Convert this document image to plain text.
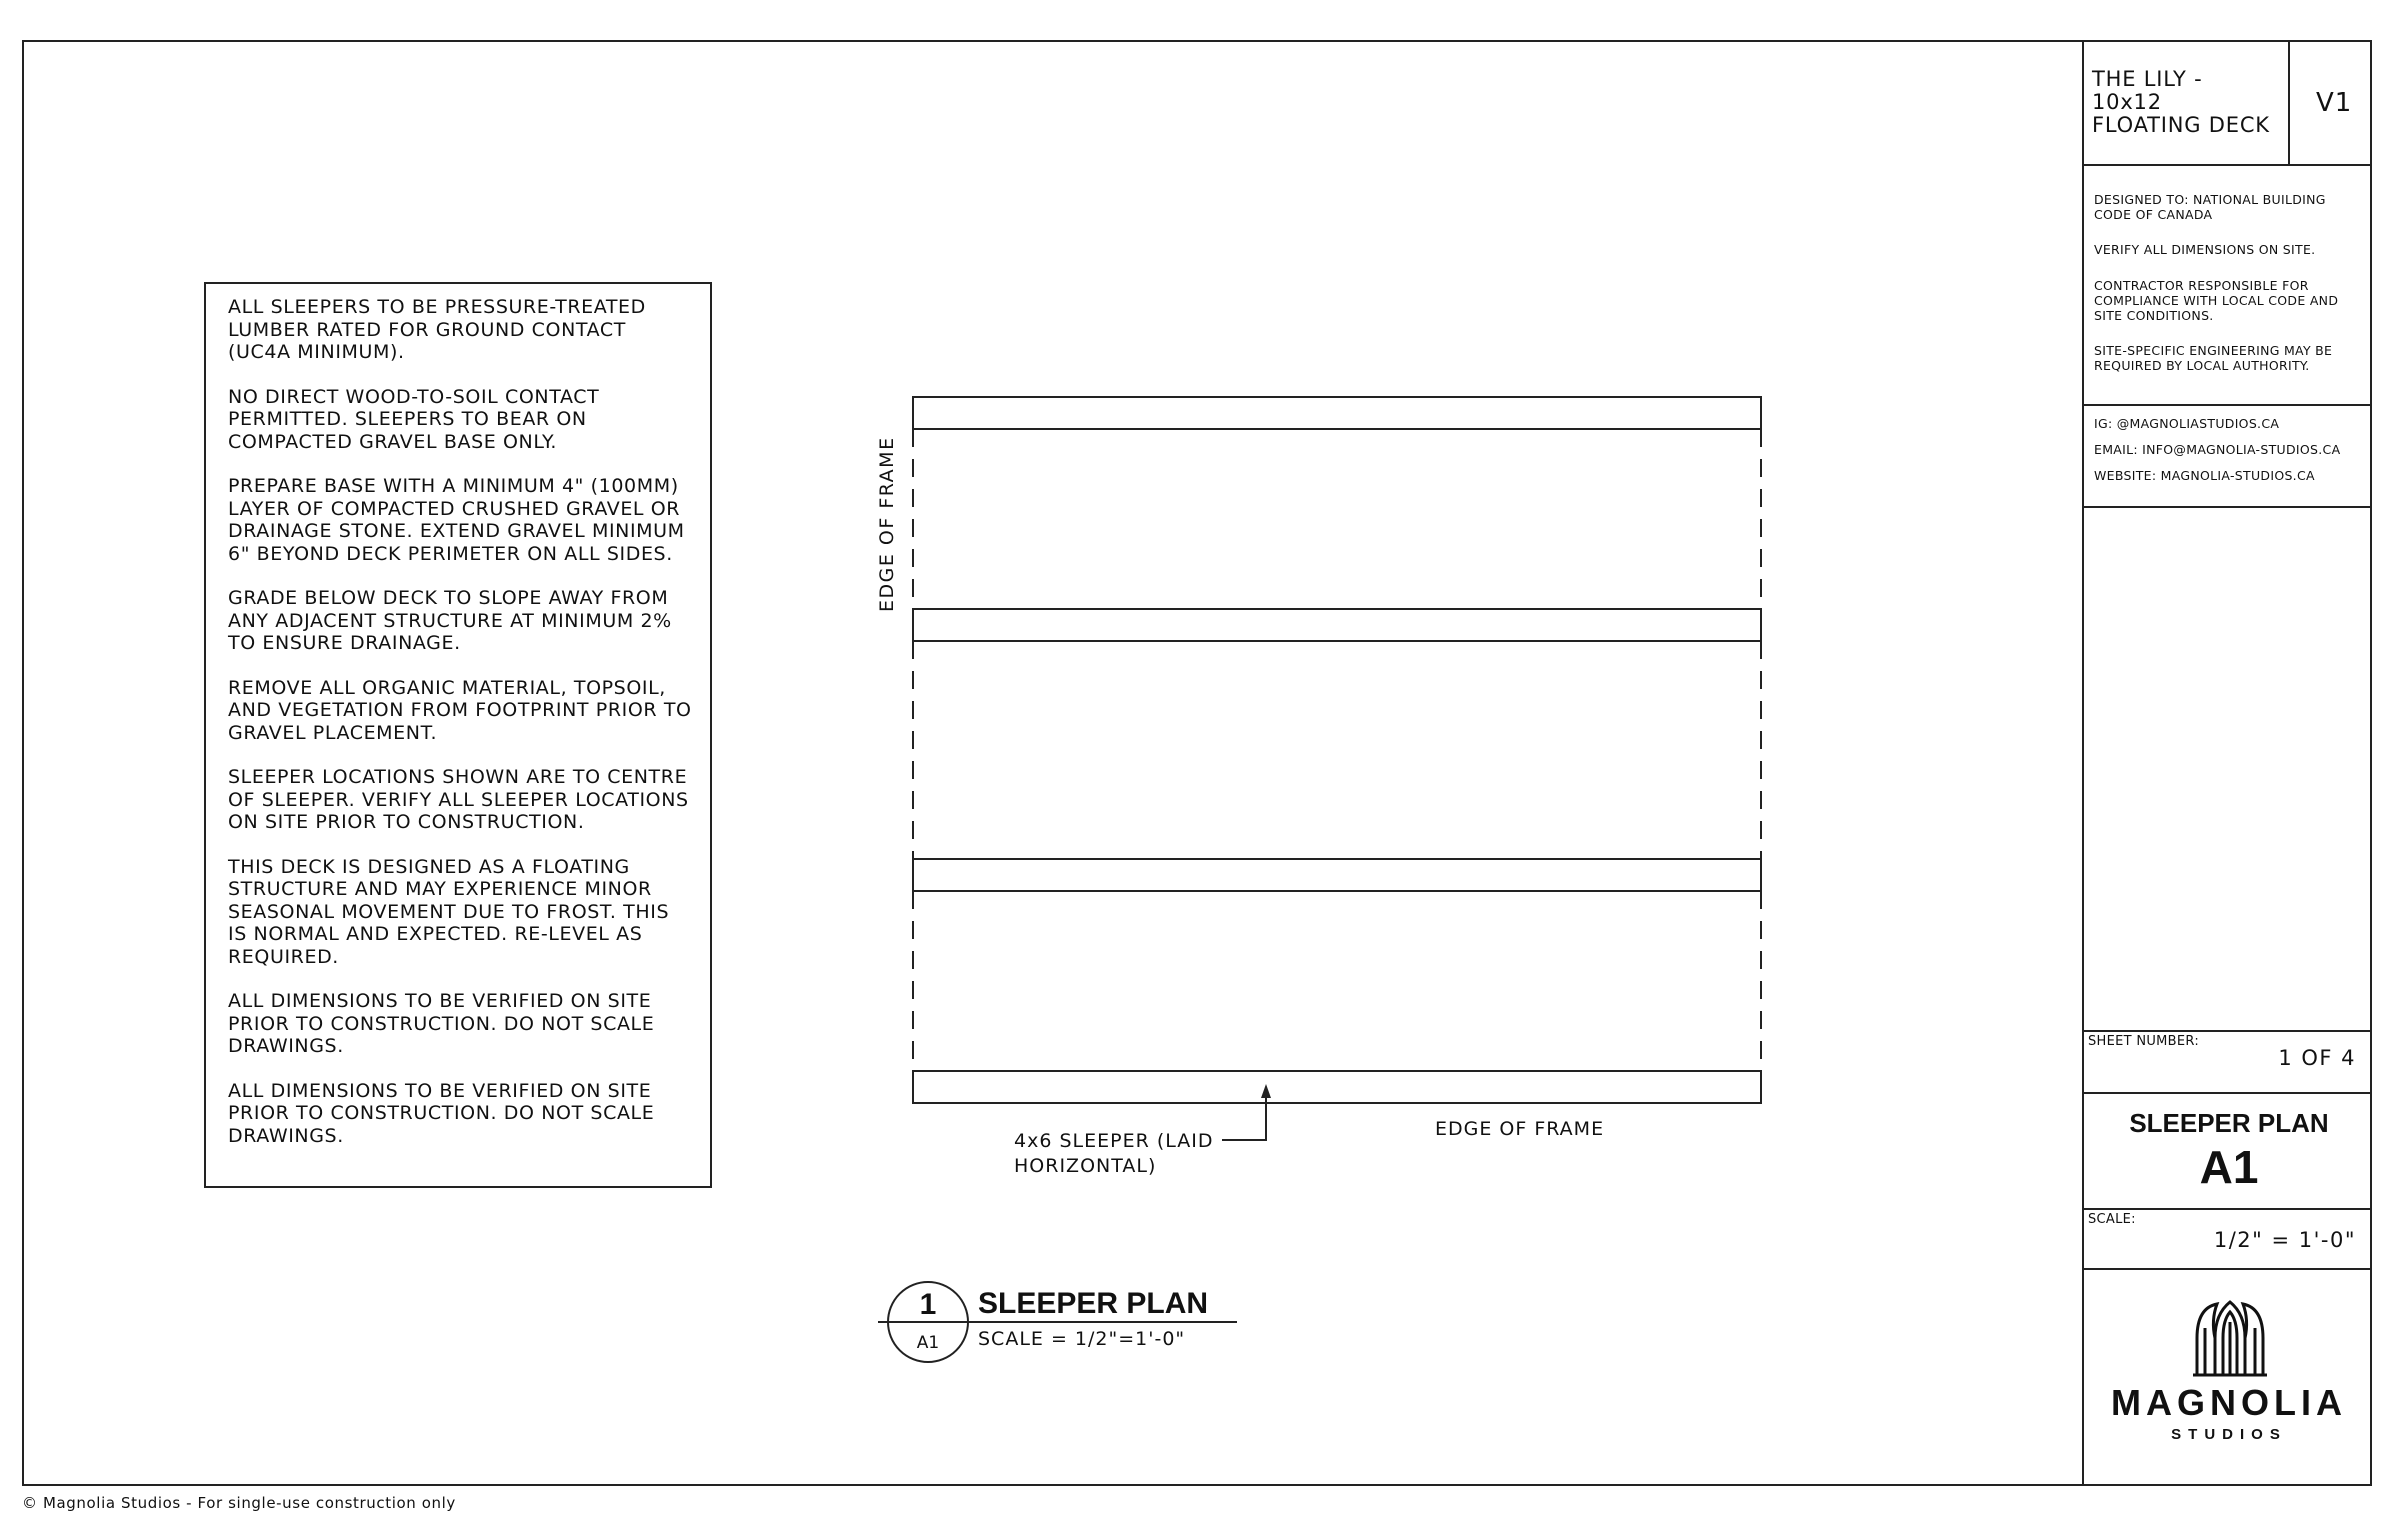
ALL SLEEPERS TO BE PRESSURE-TREATED LUMBER RATED FOR GROUND CONTACT (UC4A MINIMUM).

NO DIRECT WOOD-TO-SOIL CONTACT PERMITTED. SLEEPERS TO BEAR ON COMPACTED GRAVEL BASE ONLY.

PREPARE BASE WITH A MINIMUM 4" (100MM) LAYER OF COMPACTED CRUSHED GRAVEL OR DRAINAGE STONE. EXTEND GRAVEL MINIMUM 6" BEYOND DECK PERIMETER ON ALL SIDES.

GRADE BELOW DECK TO SLOPE AWAY FROM ANY ADJACENT STRUCTURE AT MINIMUM 2% TO ENSURE DRAINAGE.

REMOVE ALL ORGANIC MATERIAL, TOPSOIL, AND VEGETATION FROM FOOTPRINT PRIOR TO GRAVEL PLACEMENT.

SLEEPER LOCATIONS SHOWN ARE TO CENTRE OF SLEEPER. VERIFY ALL SLEEPER LOCATIONS ON SITE PRIOR TO CONSTRUCTION.

THIS DECK IS DESIGNED AS A FLOATING STRUCTURE AND MAY EXPERIENCE MINOR SEASONAL MOVEMENT DUE TO FROST. THIS IS NORMAL AND EXPECTED. RE-LEVEL AS REQUIRED.

ALL DIMENSIONS TO BE VERIFIED ON SITE PRIOR TO CONSTRUCTION. DO NOT SCALE DRAWINGS.

ALL DIMENSIONS TO BE VERIFIED ON SITE PRIOR TO CONSTRUCTION. DO NOT SCALE DRAWINGS.

EDGE OF FRAME
EDGE OF FRAME
4x6 SLEEPER (LAID
HORIZONTAL)
1
A1
SLEEPER PLAN
SCALE = 1/2"=1'-0"
THE LILY -
10x12
FLOATING DECK
V1
DESIGNED TO: NATIONAL BUILDING CODE OF CANADA
VERIFY ALL DIMENSIONS ON SITE.
CONTRACTOR RESPONSIBLE FOR COMPLIANCE WITH LOCAL CODE AND SITE CONDITIONS.
SITE-SPECIFIC ENGINEERING MAY BE REQUIRED BY LOCAL AUTHORITY.
IG: @MAGNOLIASTUDIOS.CA
EMAIL: INFO@MAGNOLIA-STUDIOS.CA
WEBSITE: MAGNOLIA-STUDIOS.CA
SHEET NUMBER:
1 OF 4
SLEEPER PLAN
A1
SCALE:
1/2" = 1'-0"
MAGNOLIA
STUDIOS
© Magnolia Studios - For single-use construction only
